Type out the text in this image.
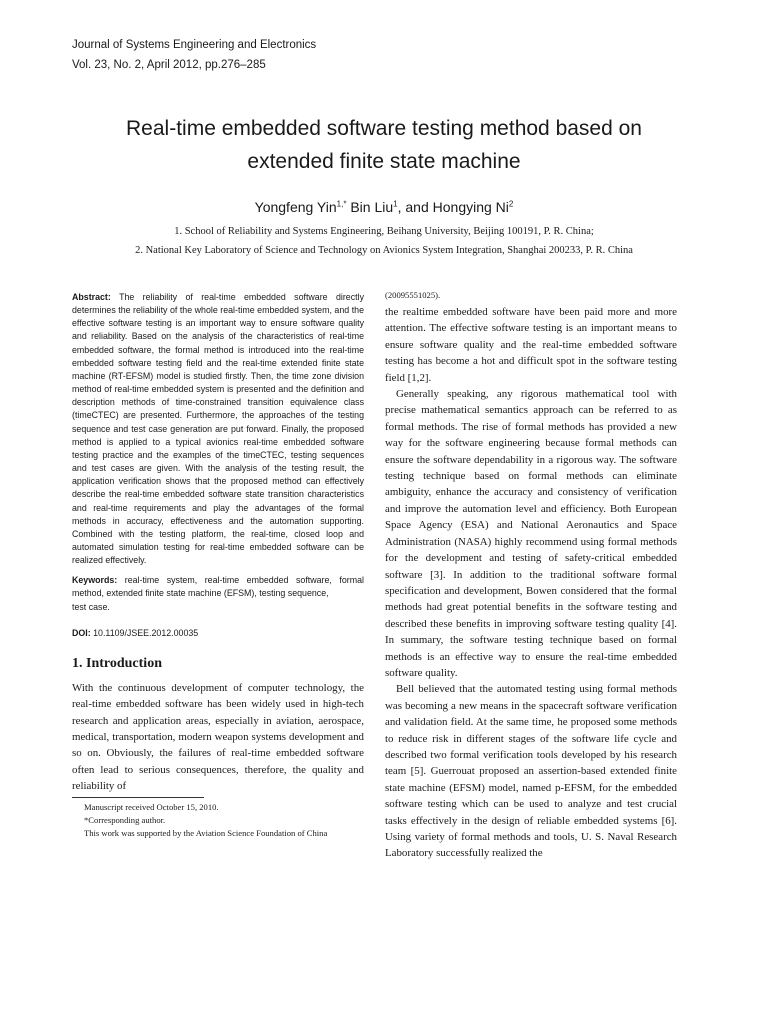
Journal of Systems Engineering and Electronics
Vol. 23, No. 2, April 2012, pp.276–285
Real-time embedded software testing method based on
extended finite state machine
Yongfeng Yin$^{1,*}$ Bin Liu$^1$, and Hongying Ni$^2$
1. School of Reliability and Systems Engineering, Beihang University, Beijing 100191, P. R. China;
2. National Key Laboratory of Science and Technology on Avionics System Integration, Shanghai 200233, P. R. China

Abstract: The reliability of real-time embedded software directly determines the reliability of the whole real-time embedded system, and the effective software testing is an important way to ensure software quality and reliability. Based on the analysis of the characteristics of real-time embedded software, the formal method is introduced into the real-time embedded software testing field and the real-time extended finite state machine (RT-EFSM) model is studied firstly. Then, the time zone division method of real-time embedded system is presented and the definition and description methods of time-constrained transition equivalence class (timeCTEC) are presented. Furthermore, the approaches of the testing sequence and test case generation are put forward. Finally, the proposed method is applied to a typical avionics real-time embedded software testing practice and the examples of the timeCTEC, testing sequences and test cases are given. With the analysis of the testing result, the application verification shows that the proposed method can effectively describe the real-time embedded software state transition characteristics and real-time requirements and play the advantages of the formal methods in accuracy, effectiveness and the automation supporting. Combined with the testing platform, the real-time, closed loop and automated simulation testing for real-time embedded software can be realized effectively.

Keywords: real-time system, real-time embedded software, formal method, extended finite state machine (EFSM), testing sequence,
test case.

DOI: 10.1109/JSEE.2012.00035

1. Introduction

With the continuous development of computer technology, the real-time embedded software has been widely used in high-tech research and application areas, especially in aviation, aerospace, medical, transportation, modern weapon systems development and so on. Obviously, the failures of real-time embedded software often lead to serious consequences, therefore, the quality and reliability of

Manuscript received October 15, 2010.

*Corresponding author.

This work was supported by the Aviation Science Foundation of China

(20095551025).

the realtime embedded software have been paid more and more attention. The effective software testing is an important means to ensure software quality and the real-time embedded software testing has become a hot and difficult spot in the software testing field [1,2].

Generally speaking, any rigorous mathematical tool with precise mathematical semantics approach can be referred to as formal methods. The rise of formal methods has provided a new way for the software engineering because formal methods can ensure the software dependability in a rigorous way. The software testing technique based on formal methods can eliminate ambiguity, enhance the accuracy and consistency of verification and improve the automation level and efficiency. Both European Space Agency (ESA) and National Aeronautics and Space Administration (NASA) highly recommend using formal methods for the development and testing of safety-critical embedded software [3]. In addition to the traditional software formal specification and development, Bowen considered that the formal methods had great potential benefits in the software testing and described these benefits in improving software testing quality [4]. In summary, the software testing technique based on formal methods is an effective way to ensure the real-time embedded software quality.

Bell believed that the automated testing using formal methods was becoming a new means in the spacecraft software verification and validation field. At the same time, he proposed some methods to reduce risk in different stages of the software life cycle and described two formal verification tools developed by his research team [5]. Guerrouat proposed an assertion-based extended finite state machine (EFSM) model, named p-EFSM, for the embedded software testing which can be used to analyze and test crucial tasks effectively in the design of reliable embedded systems [6]. Using variety of formal methods and tools, U. S. Naval Research Laboratory successfully realized the
